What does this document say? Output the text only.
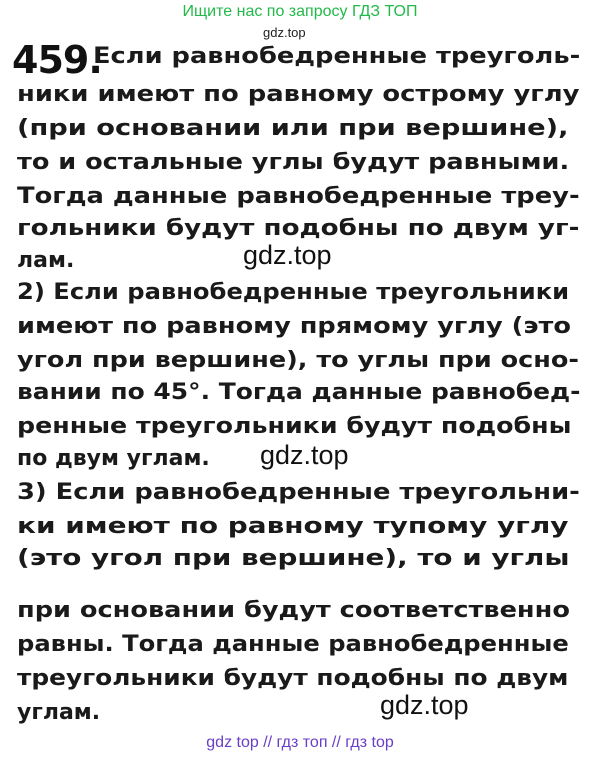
Ищите нас по запросу ГДЗ ТОП
gdz.top
459.
Если равнобедренные треуголь-
ники имеют по равному острому углу
(при основании или при вершине),
то и остальные углы будут равными.
Тогда данные равнобедренные треу-
гольники будут подобны по двум уг-
лам.
2) Если равнобедренные треугольники
имеют по равному прямому углу (это
угол при вершине), то углы при осно-
вании по 45°. Тогда данные равнобед-
ренные треугольники будут подобны
по двум углам.
3) Если равнобедренные треугольни-
ки имеют по равному тупому углу
(это угол при вершине), то и углы
при основании будут соответственно
равны. Тогда данные равнобедренные
треугольники будут подобны по двум
углам.
gdz.top
gdz.top
gdz.top
gdz top // гдз топ // гдз top
